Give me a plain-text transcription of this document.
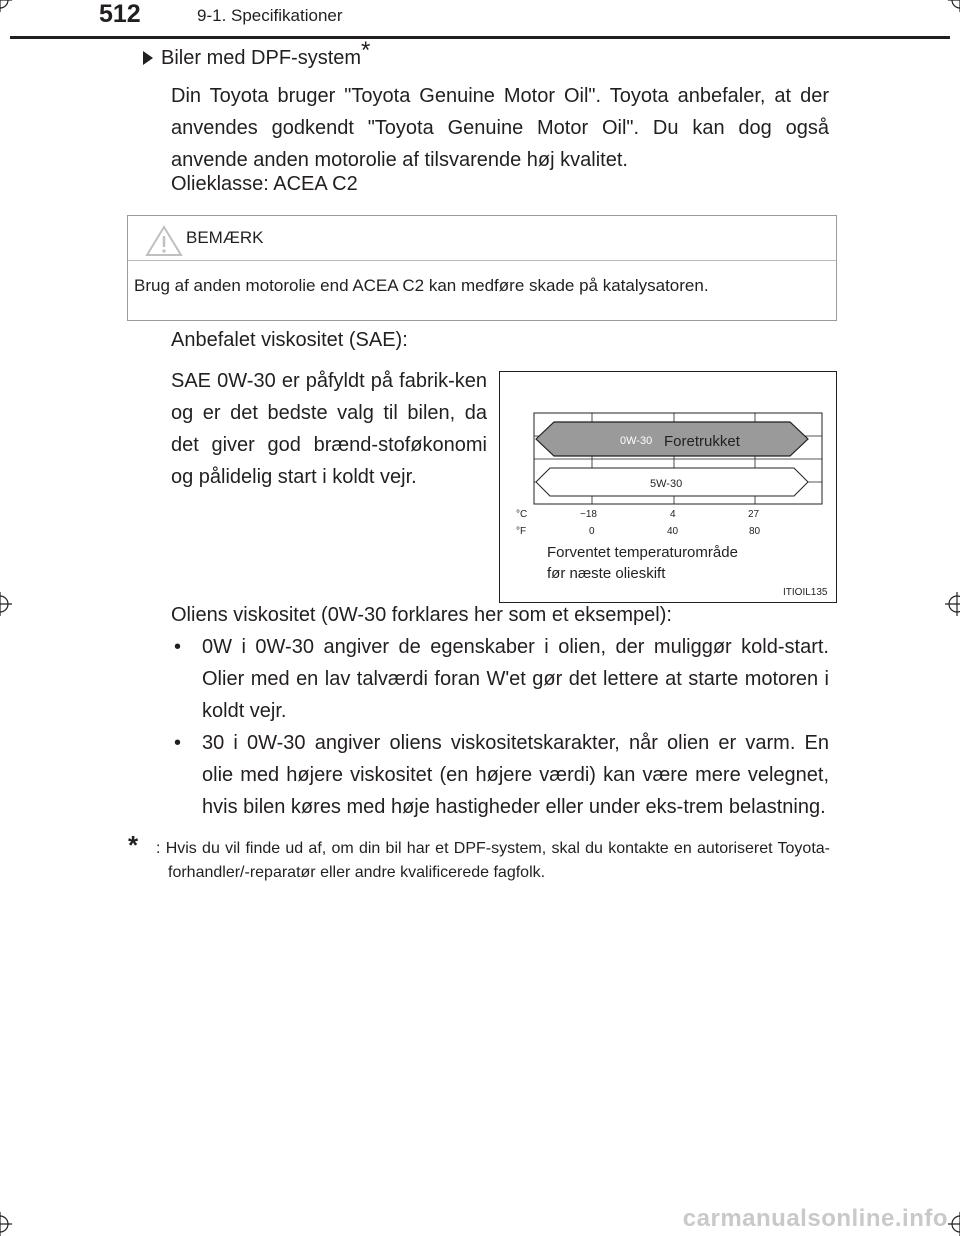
512	9-1. Specifikationer
Biler med DPF-system*
Din Toyota bruger "Toyota Genuine Motor Oil". Toyota anbefaler, at der anvendes godkendt "Toyota Genuine Motor Oil". Du kan dog også anvende anden motorolie af tilsvarende høj kvalitet.
Olieklasse: ACEA C2
BEMÆRK
Brug af anden motorolie end ACEA C2 kan medføre skade på katalysatoren.
Anbefalet viskositet (SAE):
SAE 0W-30 er påfyldt på fabrik-ken og er det bedste valg til bilen, da det giver god brænd-stoføkonomi og pålidelig start i koldt vejr.
0W-30 Foretrukket
5W-30
°C
°F
−18	4	27
0	40	80
Forventet temperaturområde
før næste olieskift
ITIOIL135
Oliens viskositet (0W-30 forklares her som et eksempel):
• 0W i 0W-30 angiver de egenskaber i olien, der muliggør kold-start. Olier med en lav talværdi foran W'et gør det lettere at starte motoren i koldt vejr.
• 30 i 0W-30 angiver oliens viskositetskarakter, når olien er varm. En olie med højere viskositet (en højere værdi) kan være mere velegnet, hvis bilen køres med høje hastigheder eller under eks-trem belastning.
*	: Hvis du vil finde ud af, om din bil har et DPF-system, skal du kontakte en autoriseret Toyota-forhandler/-reparatør eller andre kvalificerede fagfolk.
carmanualsonline.info
